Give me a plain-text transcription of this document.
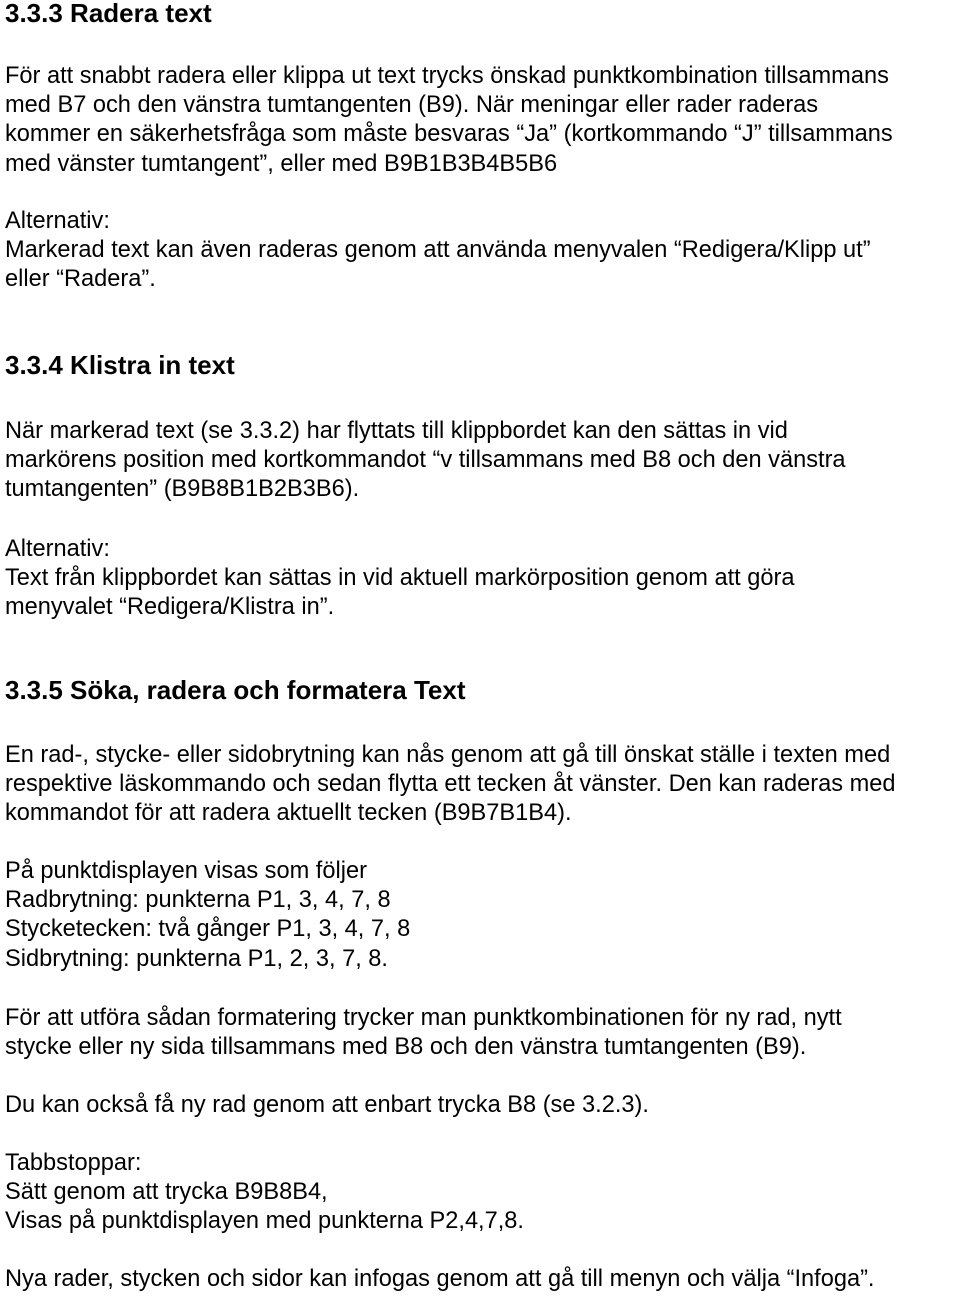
3.3.3 Radera text

För att snabbt radera eller klippa ut text trycks önskad punktkombination tillsammans
med B7 och den vänstra tumtangenten (B9). När meningar eller rader raderas
kommer en säkerhetsfråga som måste besvaras “Ja” (kortkommando “J” tillsammans
med vänster tumtangent”, eller med B9B1B3B4B5B6

Alternativ:
Markerad text kan även raderas genom att använda menyvalen “Redigera/Klipp ut”
eller “Radera”.

3.3.4 Klistra in text

När markerad text (se 3.3.2) har flyttats till klippbordet kan den sättas in vid
markörens position med kortkommandot “v tillsammans med B8 och den vänstra
tumtangenten” (B9B8B1B2B3B6).

Alternativ:
Text från klippbordet kan sättas in vid aktuell markörposition genom att göra
menyvalet “Redigera/Klistra in”.

3.3.5 Söka, radera och formatera Text

En rad-, stycke- eller sidobrytning kan nås genom att gå till önskat ställe i texten med
respektive läskommando och sedan flytta ett tecken åt vänster. Den kan raderas med
kommandot för att radera aktuellt tecken (B9B7B1B4).

På punktdisplayen visas som följer
Radbrytning: punkterna P1, 3, 4, 7, 8
Stycketecken: två gånger P1, 3, 4, 7, 8
Sidbrytning: punkterna P1, 2, 3, 7, 8.

För att utföra sådan formatering trycker man punktkombinationen för ny rad, nytt
stycke eller ny sida tillsammans med B8 och den vänstra tumtangenten (B9).

Du kan också få ny rad genom att enbart trycka B8 (se 3.2.3).

Tabbstoppar:
Sätt genom att trycka B9B8B4,
Visas på punktdisplayen med punkterna P2,4,7,8.

Nya rader, stycken och sidor kan infogas genom att gå till menyn och välja “Infoga”.
